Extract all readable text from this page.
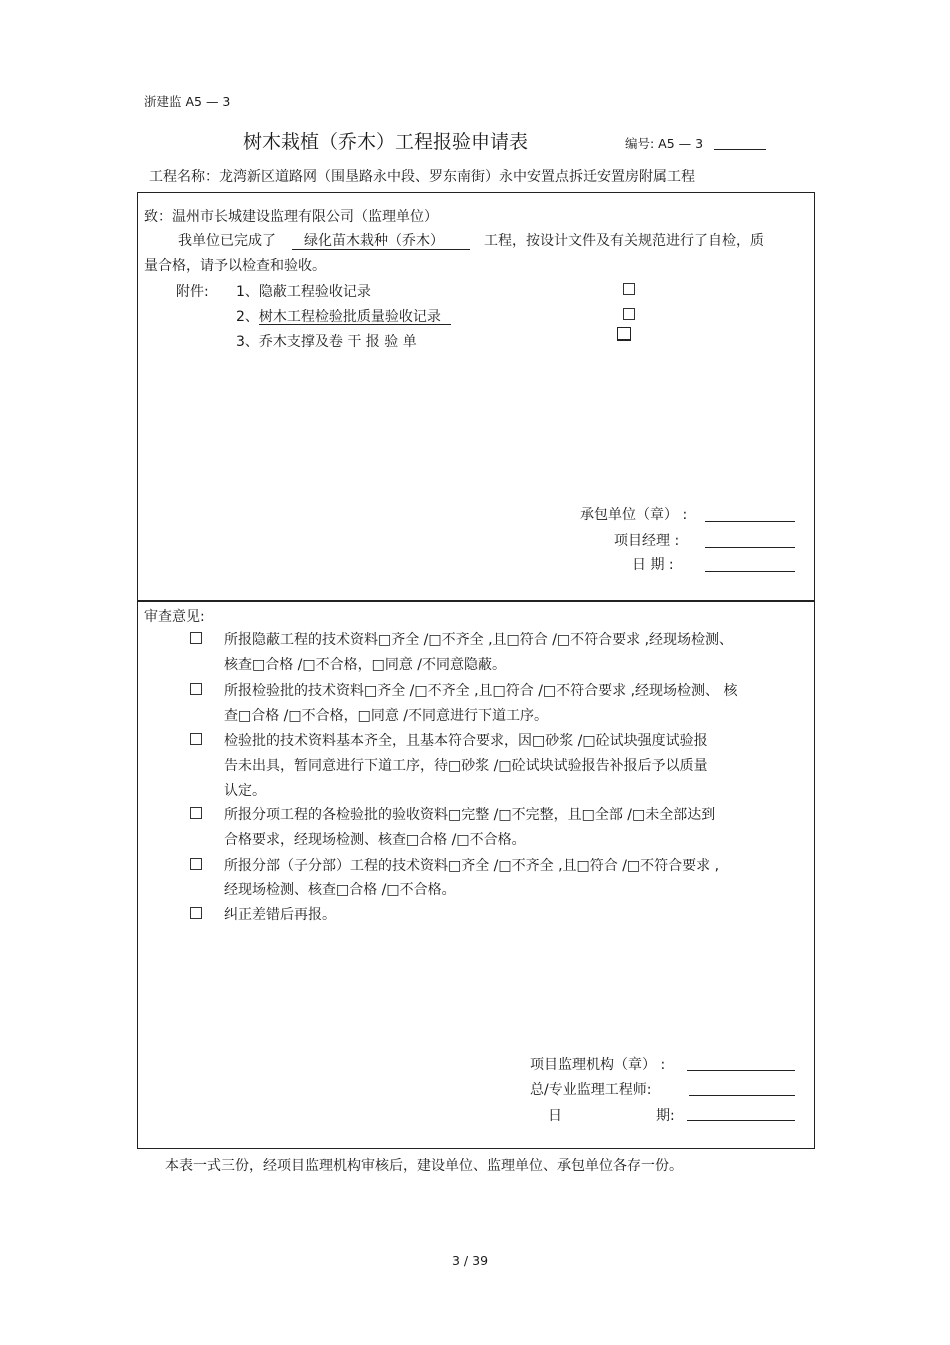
浙建监 A5 — 3
树木栽植（乔木）工程报验申请表	编号: A5 — 3
工程名称：龙湾新区道路网（围垦路永中段、罗东南街）永中安置点拆迁安置房附属工程
致：温州市长城建设监理有限公司（监理单位）
我单位已完成了 绿化苗木栽种（乔木）	工程，按设计文件及有关规范进行了自检，质
量合格，请予以检查和验收。
附件: 1、隐蔽工程验收记录
2、树木工程检验批质量验收记录
3、乔木支撑及卷 干 报 验 单
承包单位（章） :
项目经理 :
日 期 :
审查意见:
所报隐蔽工程的技术资料□齐全 /□不齐全 ,且□符合 /□不符合要求 ,经现场检测、
核查□合格 /□不合格，□同意 /不同意隐蔽。
所报检验批的技术资料□齐全 /□不齐全 ,且□符合 /□不符合要求 ,经现场检测、 核
查□合格 /□不合格，□同意 /不同意进行下道工序。
检验批的技术资料基本齐全，且基本符合要求，因□砂浆 /□砼试块强度试验报
告未出具，暂同意进行下道工序，待□砂浆 /□砼试块试验报告补报后予以质量
认定。
所报分项工程的各检验批的验收资料□完整 /□不完整，且□全部 /□未全部达到
合格要求，经现场检测、核查□合格 /□不合格。
所报分部（子分部）工程的技术资料□齐全 /□不齐全 ,且□符合 /□不符合要求 ,
经现场检测、核查□合格 /□不合格。
纠正差错后再报。
项目监理机构（章） :
总/专业监理工程师:
日	期:
本表一式三份，经项目监理机构审核后，建设单位、监理单位、承包单位各存一份。
3 / 39
